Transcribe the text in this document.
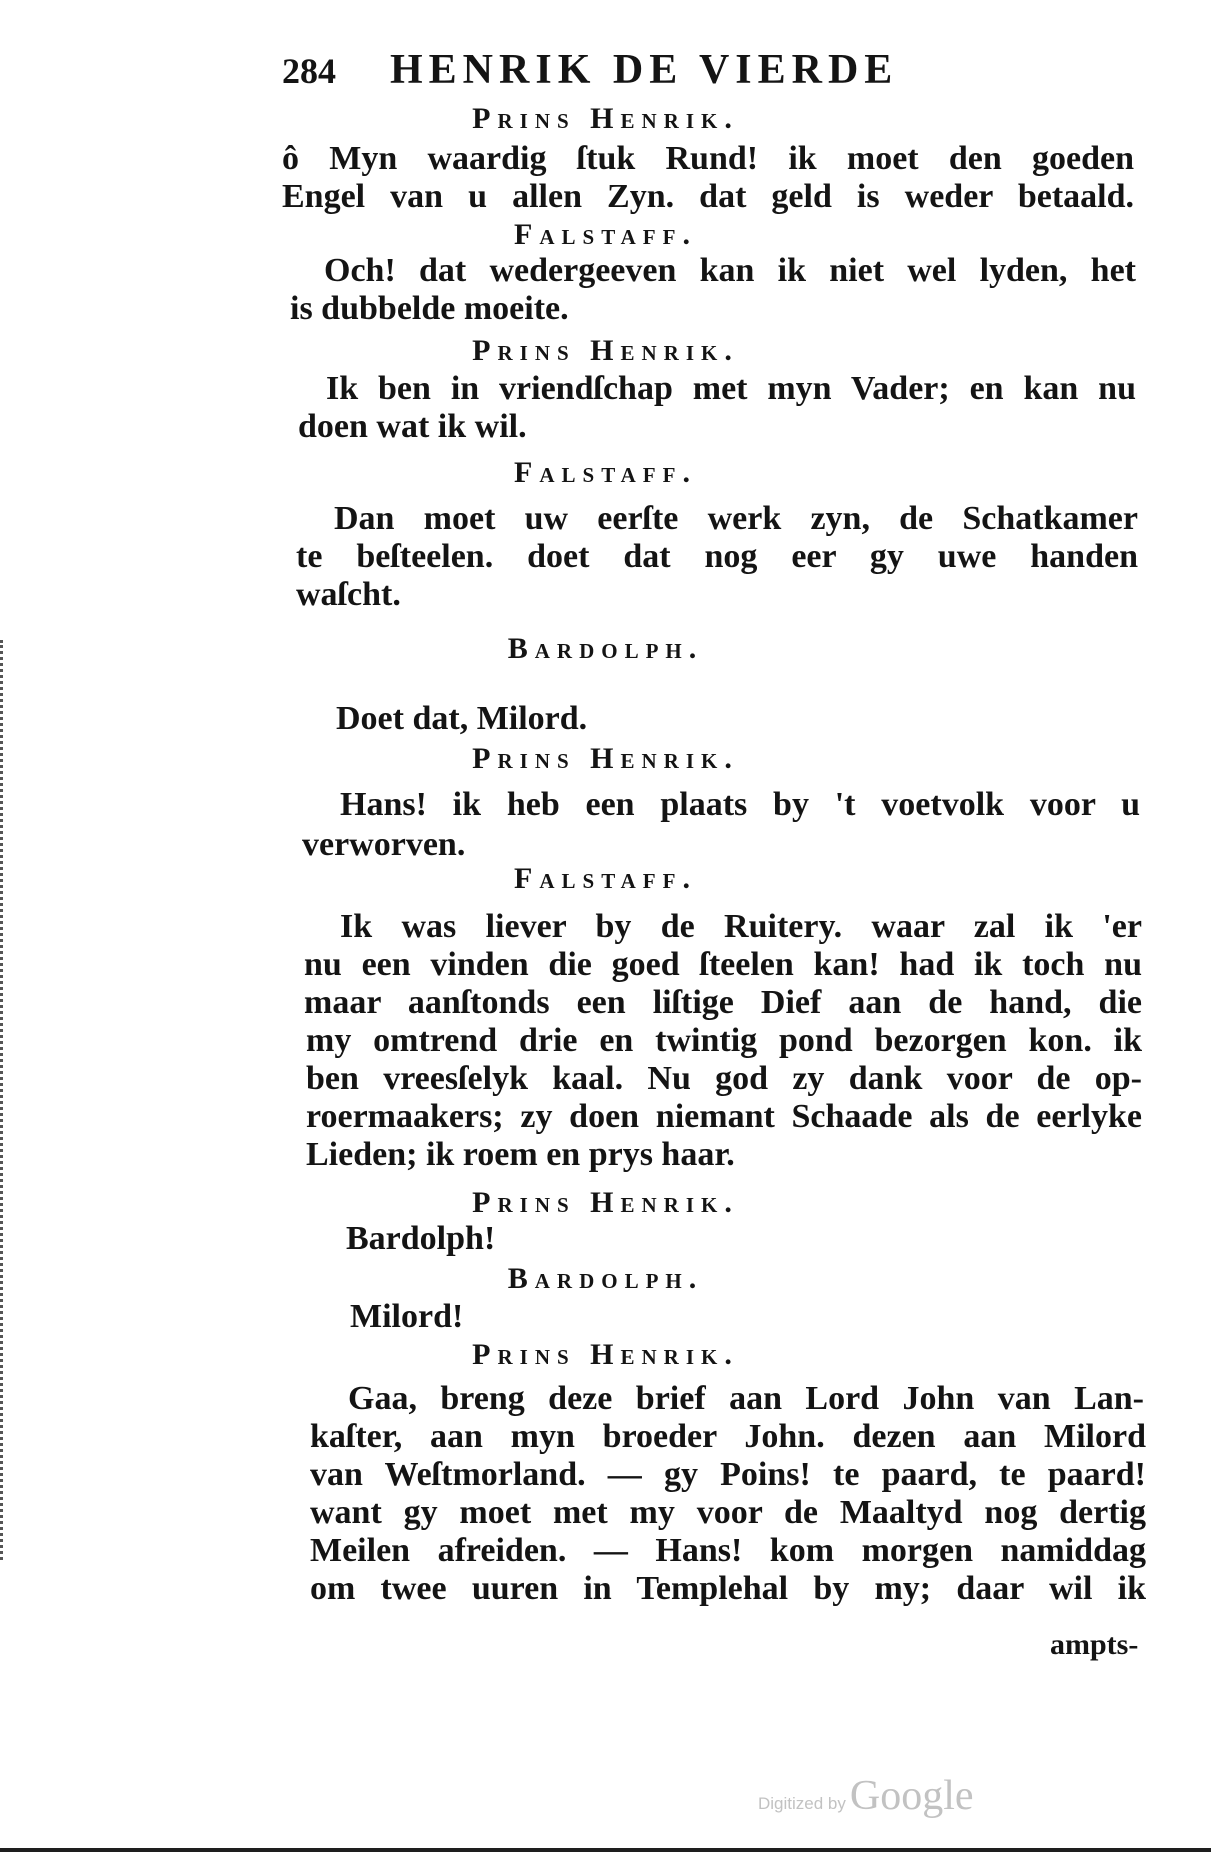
284 HENRIK DE VIERDE
Prins Henrik.

ô Myn waardig ſtuk Rund! ik moet den goeden

Engel van u allen Zyn. dat geld is weder betaald.

Falstaff.

Och! dat wedergeeven kan ik niet wel lyden, het

is dubbelde moeite.

Prins Henrik.

Ik ben in vriendſchap met myn Vader; en kan nu

doen wat ik wil.

Falstaff.

Dan moet uw eerſte werk zyn, de Schatkamer

te beſteelen. doet dat nog eer gy uwe handen

waſcht.

Bardolph.

Doet dat, Milord.

Prins Henrik.

Hans! ik heb een plaats by 't voetvolk voor u

verworven.

Falstaff.

Ik was liever by de Ruitery. waar zal ik 'er

nu een vinden die goed ſteelen kan! had ik toch nu

maar aanſtonds een liſtige Dief aan de hand, die

my omtrend drie en twintig pond bezorgen kon. ik

ben vreesſelyk kaal. Nu god zy dank voor de op-

roermaakers; zy doen niemant Schaade als de eerlyke

Lieden; ik roem en prys haar.

Prins Henrik.

Bardolph!

Bardolph.

Milord!

Prins Henrik.

Gaa, breng deze brief aan Lord John van Lan-

kaſter, aan myn broeder John. dezen aan Milord

van Weſtmorland. — gy Poins! te paard, te paard!

want gy moet met my voor de Maaltyd nog dertig

Meilen afreiden. — Hans! kom morgen namiddag

om twee uuren in Templehal by my; daar wil ik

ampts-
Digitized by Google
